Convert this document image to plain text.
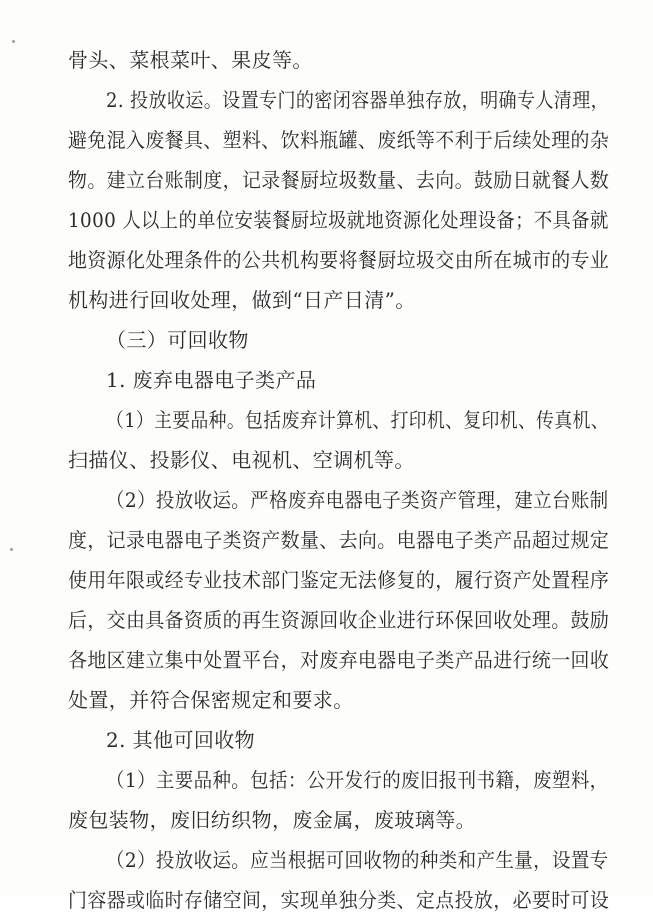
骨头、菜根菜叶、果皮等。
2. 投放收运。设置专门的密闭容器单独存放，明确专人清理，
避免混入废餐具、塑料、饮料瓶罐、废纸等不利于后续处理的杂
物。建立台账制度，记录餐厨垃圾数量、去向。鼓励日就餐人数
1000 人以上的单位安装餐厨垃圾就地资源化处理设备；不具备就
地资源化处理条件的公共机构要将餐厨垃圾交由所在城市的专业
机构进行回收处理，做到“日产日清”。
（三）可回收物
1. 废弃电器电子类产品
（1）主要品种。包括废弃计算机、打印机、复印机、传真机、
扫描仪、投影仪、电视机、空调机等。
（2）投放收运。严格废弃电器电子类资产管理，建立台账制
度，记录电器电子类资产数量、去向。电器电子类产品超过规定
使用年限或经专业技术部门鉴定无法修复的，履行资产处置程序
后，交由具备资质的再生资源回收企业进行环保回收处理。鼓励
各地区建立集中处置平台，对废弃电器电子类产品进行统一回收
处置，并符合保密规定和要求。
2. 其他可回收物
（1）主要品种。包括：公开发行的废旧报刊书籍，废塑料，
废包装物，废旧纺织物，废金属，废玻璃等。
（2）投放收运。应当根据可回收物的种类和产生量，设置专
门容器或临时存储空间，实现单独分类、定点投放，必要时可设
